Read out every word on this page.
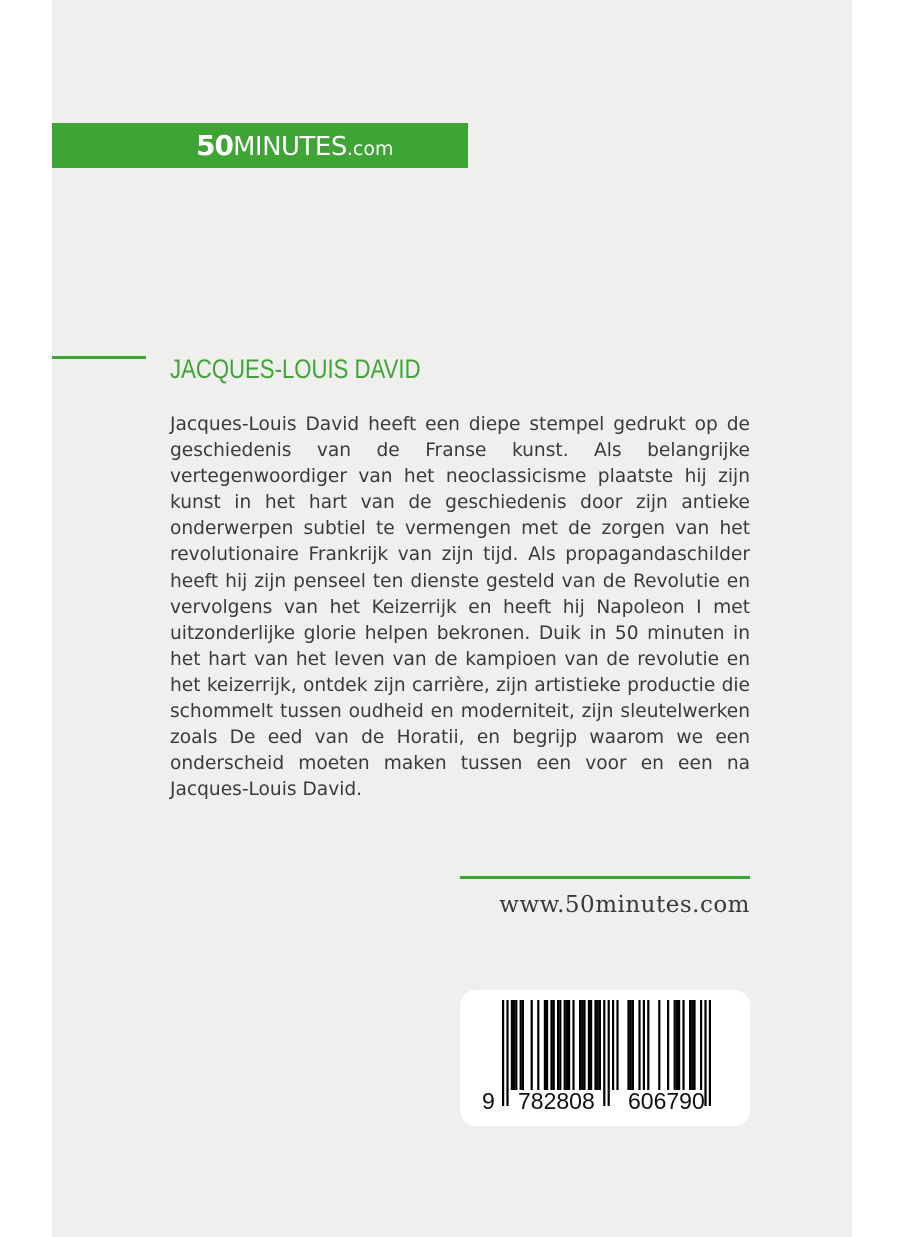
50MINUTES.com
JACQUES-LOUIS DAVID
Jacques-Louis David heeft een diepe stempel gedrukt op de geschiedenis van de Franse kunst. Als belangrijke vertegenwoordiger van het neoclassicisme plaatste hij zijn kunst in het hart van de geschiedenis door zijn antieke onderwerpen subtiel te vermengen met de zorgen van het revolutionaire Frankrijk van zijn tijd. Als propagandaschilder heeft hij zijn penseel ten dienste gesteld van de Revolutie en vervolgens van het Keizerrijk en heeft hij Napoleon I met uitzonderlijke glorie helpen bekronen. Duik in 50 minuten in het hart van het leven van de kampioen van de revolutie en het keizerrijk, ontdek zijn carrière, zijn artistieke productie die schommelt tussen oudheid en moderniteit, zijn sleutelwerken zoals De eed van de Horatii, en begrijp waarom we een onderscheid moeten maken tussen een voor en een na Jacques-Louis David.
www.50minutes.com
9 782808 606790
